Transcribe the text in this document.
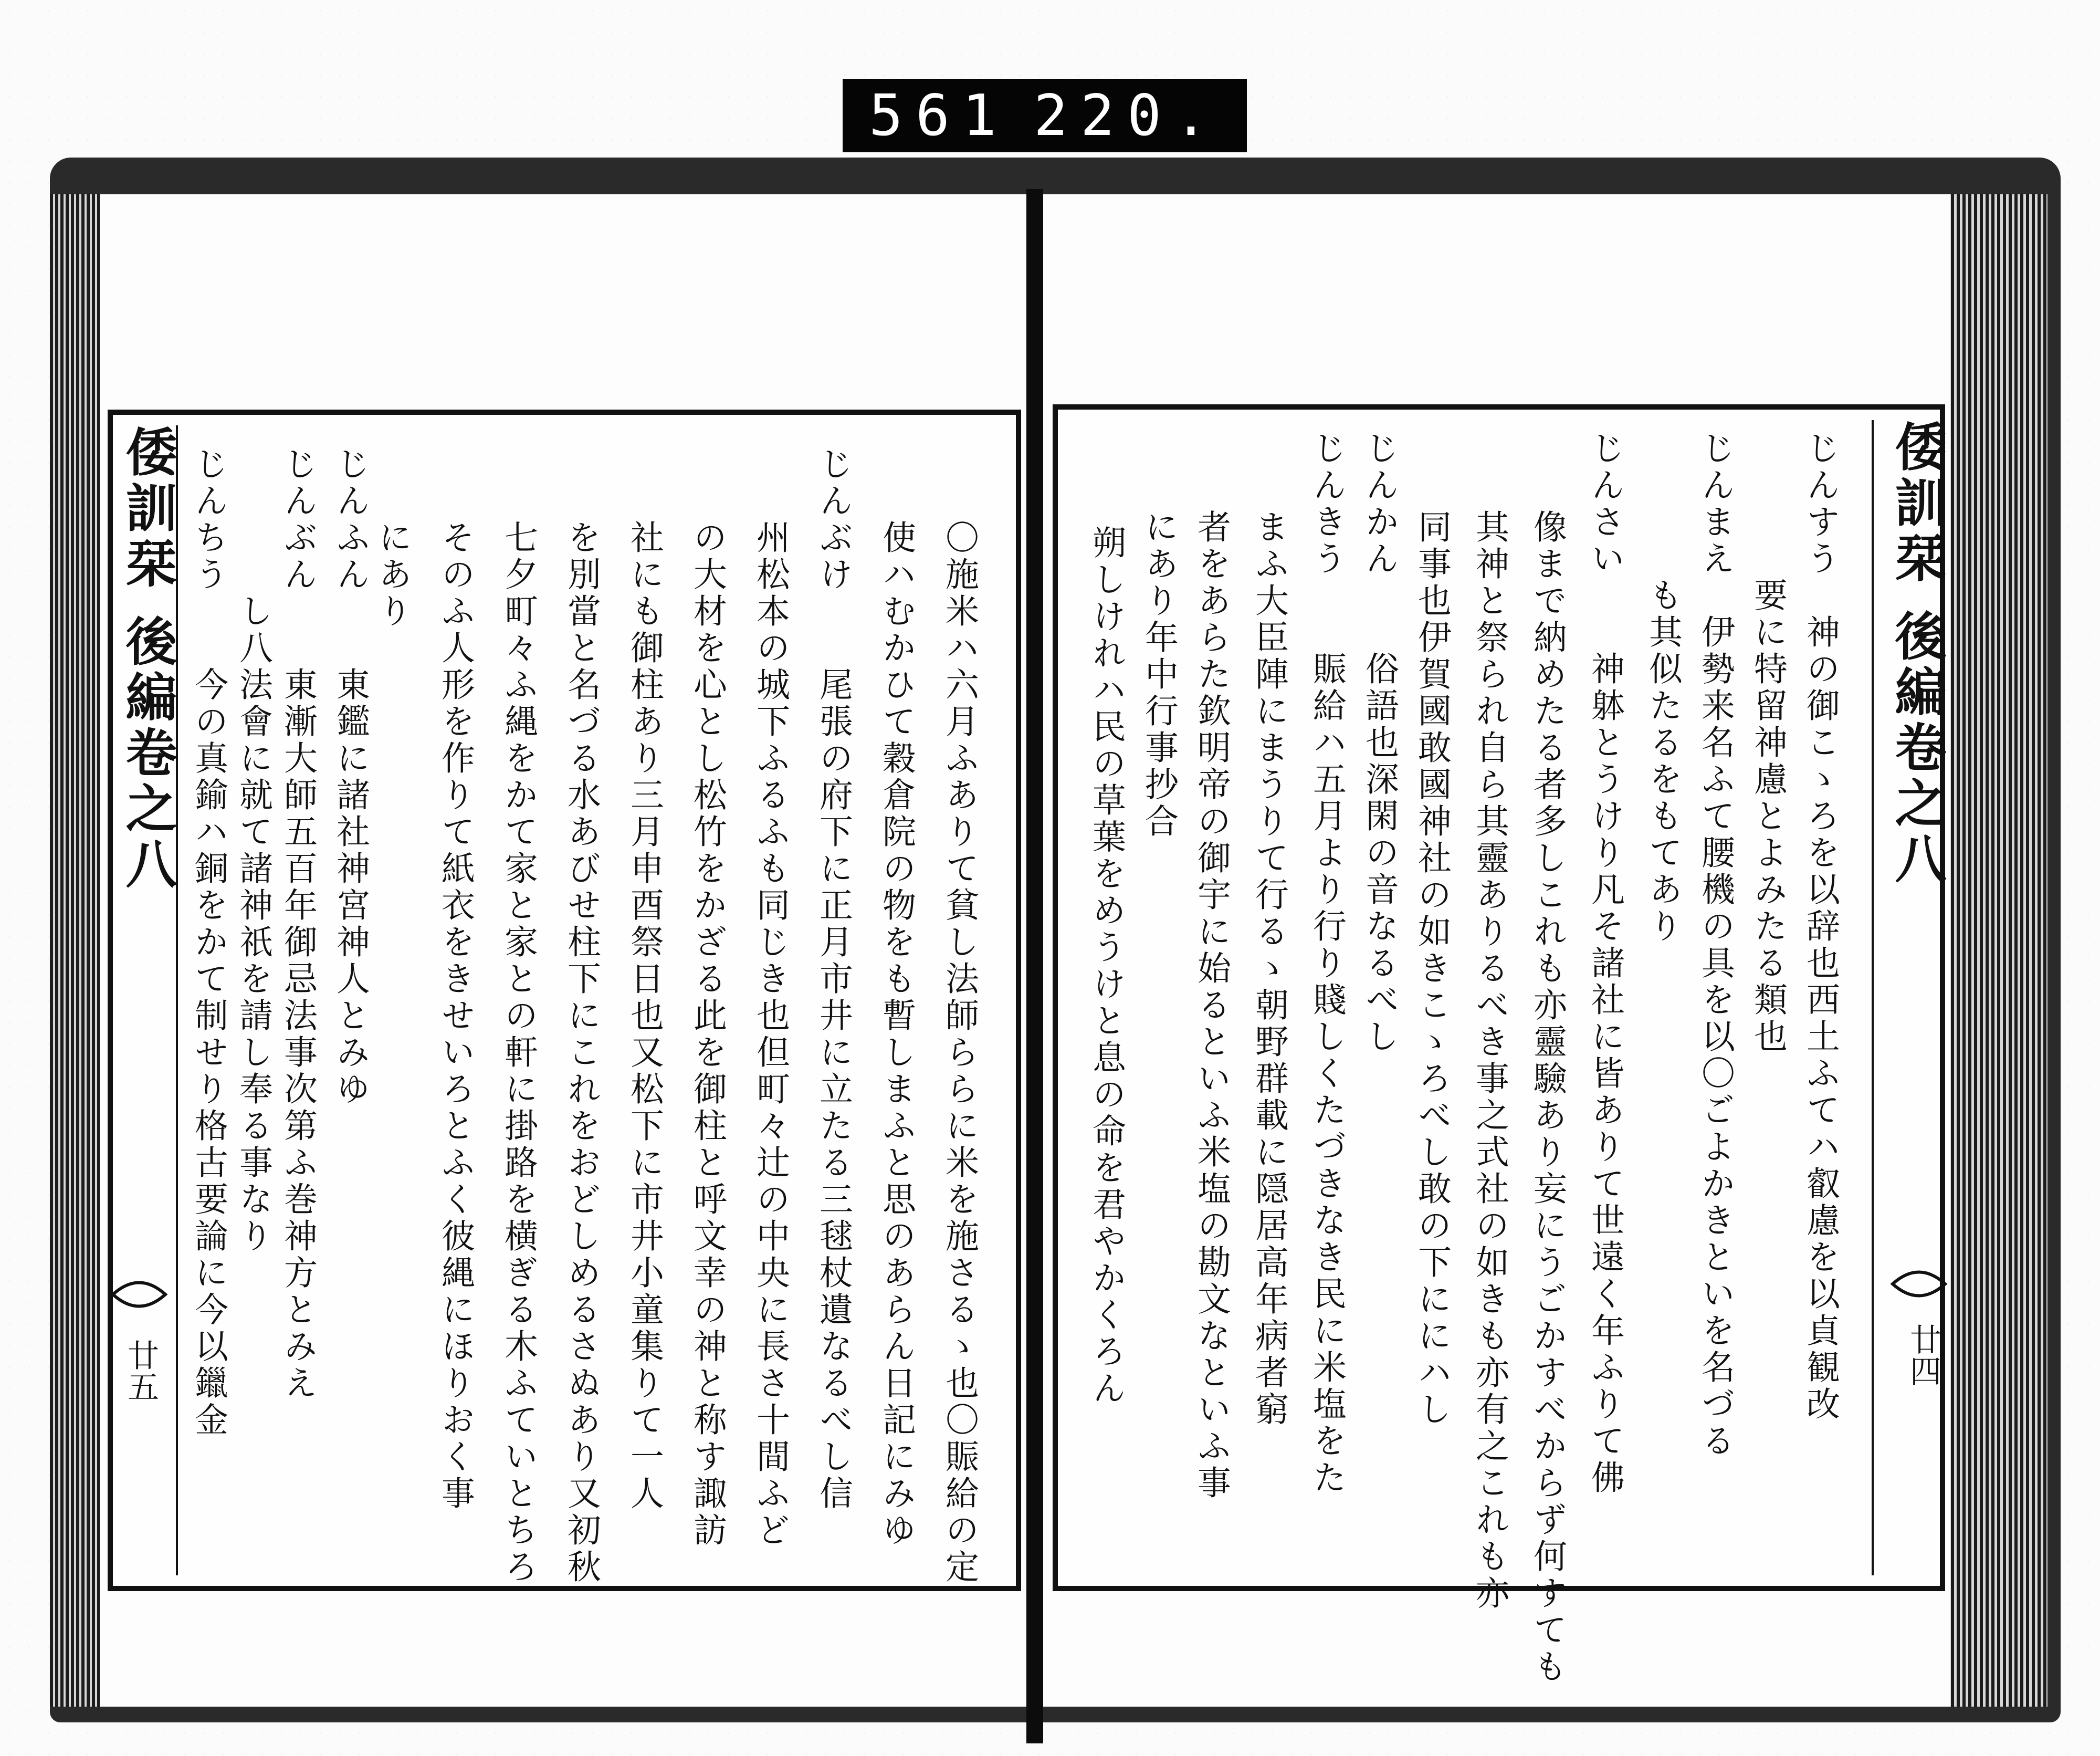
561 220.
〇施米ハ六月ふありて貧し法師ららに米を施さるゝ也〇賑給の定
使ハむかひて穀倉院の物をも暫しまふと思のあらん日記にみゆ
じんぶけ　　尾張の府下に正月市井に立たる三毬杖遺なるべし信
州松本の城下ふるふも同じき也但町々辻の中央に長さ十間ふど
の大材を心とし松竹をかざる此を御柱と呼文幸の神と称す諏訪
社にも御柱あり三月申酉祭日也又松下に市井小童集りて一人
を別當と名づる水あびせ柱下にこれをおどしめるさぬあり又初秋
七夕町々ふ縄をかて家と家との軒に掛路を横ぎる木ふていとちろ
そのふ人形を作りて紙衣をきせいろとふく彼縄にほりおく事
にあり
じんふん　　東鑑に諸社神宮神人とみゆ
じんぶん　　東漸大師五百年御忌法事次第ふ巻神方とみえ
　　　　し八法會に就て諸神祇を請し奉る事なり
じんちう　　今の真鍮ハ銅をかて制せり格古要論に今以鑞金
倭訓栞 後編卷之八
廿五	じんすう　神の御こゝろを以辞也西土ふてハ叡慮を以貞観改
　　　　要に特留神慮とよみたる類也
じんまえ　伊勢来名ふて腰機の具を以〇ごよかきといを名づる
　　　　も其似たるをもてあり
じんさい　　神躰とうけり凡そ諸社に皆ありて世遠く年ふりて佛
像まで納めたる者多しこれも亦靈驗あり妄にうごかすべからず何すても
其神と祭られ自ら其靈ありるべき事之式社の如きも亦有之これも亦
同事也伊賀國敢國神社の如きこゝろべし敢の下ににハし
じんかん　　俗語也深閑の音なるべし
じんきう　　賑給ハ五月より行り賤しくたづきなき民に米塩をた
まふ大臣陣にまうりて行るゝ朝野群載に隠居高年病者窮
者をあらた欽明帝の御宇に始るといふ米塩の勘文なといふ事
にあり年中行事抄合
朔しけれハ民の草葉をめうけと息の命を君やかくろん	倭訓栞 後編卷之八
廿四
